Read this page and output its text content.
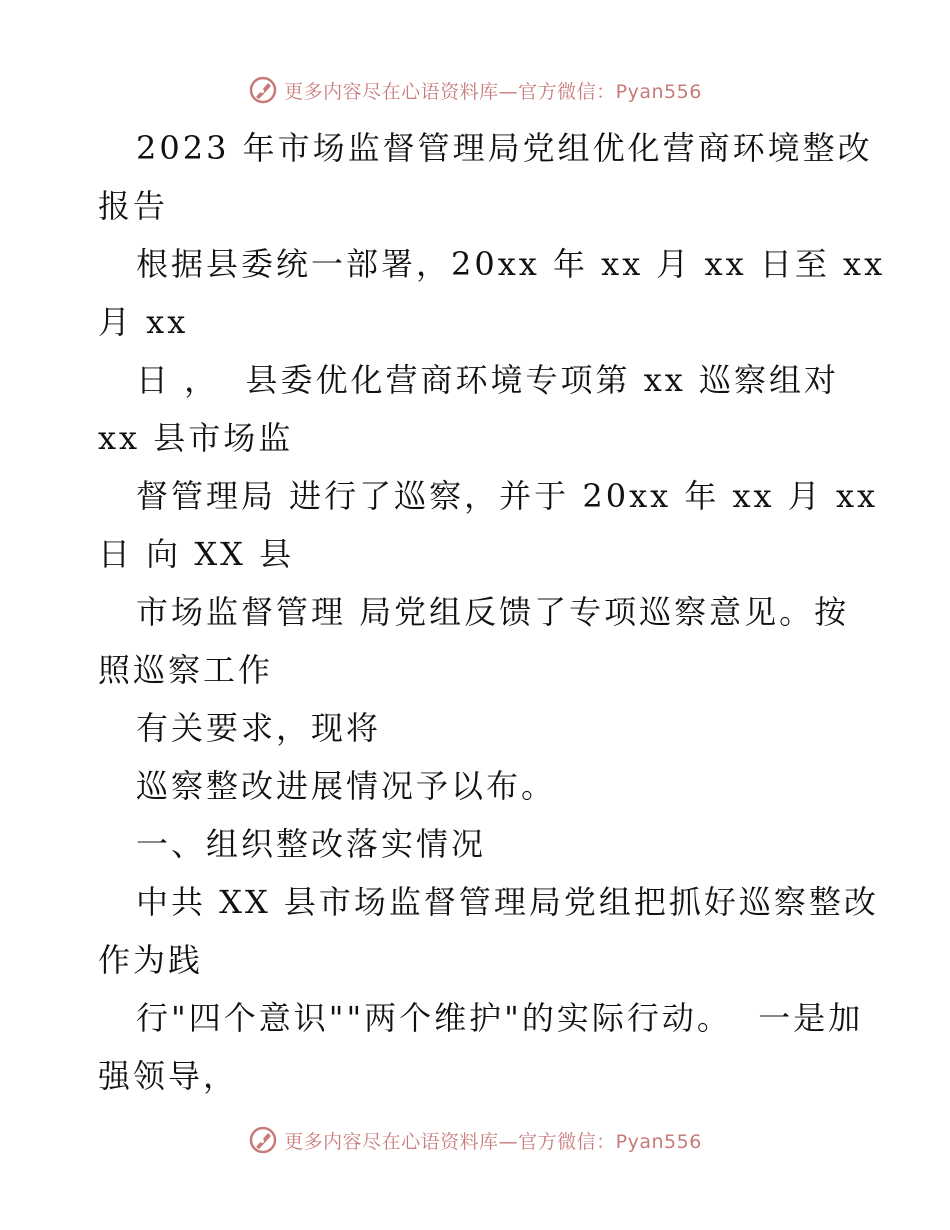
更多内容尽在心语资料库—官方微信：Pyan556
2023 年市场监督管理局党组优化营商环境整改
报告
根据县委统一部署，20xx 年 xx 月 xx 日至 xx
月 xx
日 ，  县委优化营商环境专项第 xx 巡察组对
xx 县市场监
督管理局 进行了巡察，并于 20xx 年 xx 月 xx
日 向 XX 县
市场监督管理 局党组反馈了专项巡察意见。按
照巡察工作
有关要求，现将
巡察整改进展情况予以布。
一、组织整改落实情况
中共 XX 县市场监督管理局党组把抓好巡察整改
作为践
行"四个意识""两个维护"的实际行动。  一是加
强领导，
更多内容尽在心语资料库—官方微信：Pyan556
